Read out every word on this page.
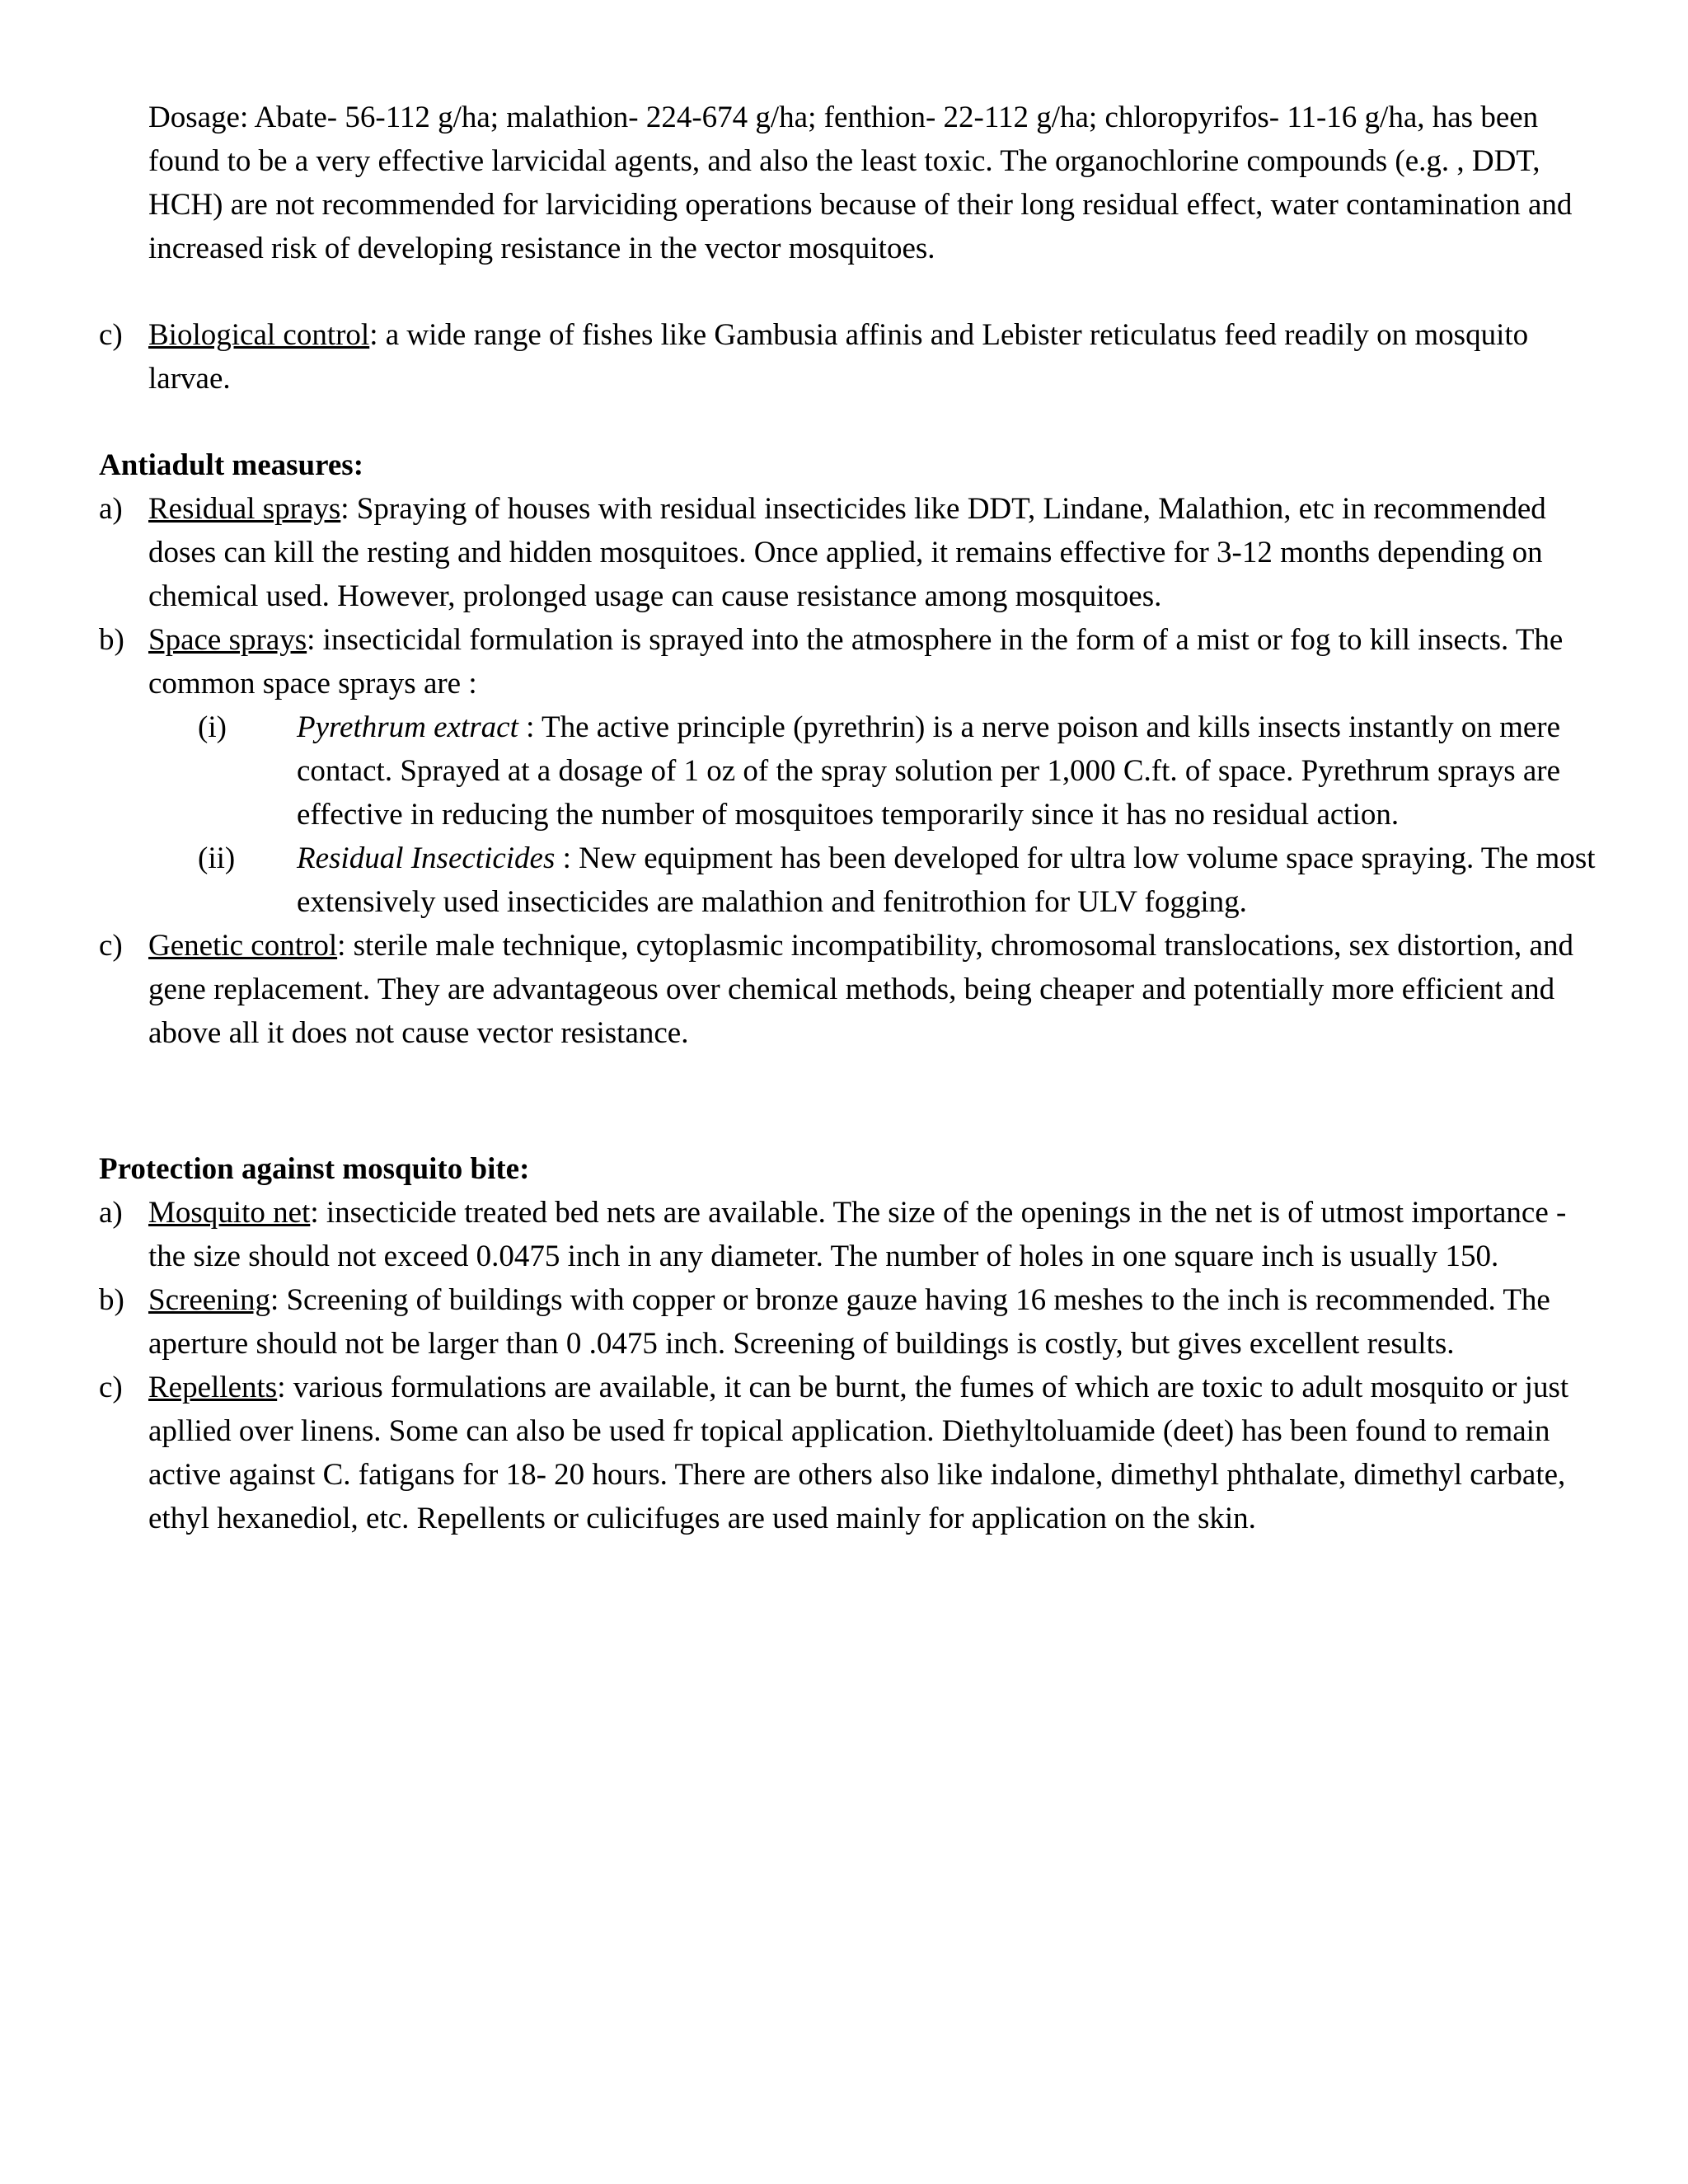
Dosage: Abate- 56-112 g/ha; malathion- 224-674 g/ha; fenthion- 22-112 g/ha; chloropyrifos- 11-16 g/ha, has been found to be a very effective larvicidal agents, and also the least toxic. The organochlorine compounds (e.g. , DDT, HCH) are not recommended for larviciding operations because of their long residual effect, water contamination and increased risk of developing resistance in the vector mosquitoes.

c) Biological control: a wide range of fishes like Gambusia affinis and Lebister reticulatus feed readily on mosquito larvae.

Antiadult measures:

a) Residual sprays: Spraying of houses with residual insecticides like DDT, Lindane, Malathion, etc in recommended doses can kill the resting and hidden mosquitoes. Once applied, it remains effective for 3-12 months depending on chemical used. However, prolonged usage can cause resistance among mosquitoes.

b) Space sprays: insecticidal formulation is sprayed into the atmosphere in the form of a mist or fog to kill insects. The common space sprays are :

(i)	Pyrethrum extract : The active principle (pyrethrin) is a nerve poison and kills insects instantly on mere contact. Sprayed at a dosage of 1 oz of the spray solution per 1,000 C.ft. of space. Pyrethrum sprays are effective in reducing the number of mosquitoes temporarily since it has no residual action.

(ii)	Residual Insecticides : New equipment has been developed for ultra low volume space spraying. The most extensively used insecticides are malathion and fenitrothion for ULV fogging.

c) Genetic control: sterile male technique, cytoplasmic incompatibility, chromosomal translocations, sex distortion, and gene replacement. They are advantageous over chemical methods, being cheaper and potentially more efficient and above all it does not cause vector resistance.

Protection against mosquito bite:

a) Mosquito net: insecticide treated bed nets are available. The size of the openings in the net is of utmost importance - the size should not exceed 0.0475 inch in any diameter. The number of holes in one square inch is usually 150.

b) Screening: Screening of buildings with copper or bronze gauze having 16 meshes to the inch is recommended. The aperture should not be larger than 0 .0475 inch. Screening of buildings is costly, but gives excellent results.

c) Repellents: various formulations are available, it can be burnt, the fumes of which are toxic to adult mosquito or just apllied over linens. Some can also be used fr topical application. Diethyltoluamide (deet) has been found to remain active against C. fatigans for 18- 20 hours. There are others also like indalone, dimethyl phthalate, dimethyl carbate, ethyl hexanediol, etc. Repellents or culicifuges are used mainly for application on the skin.
